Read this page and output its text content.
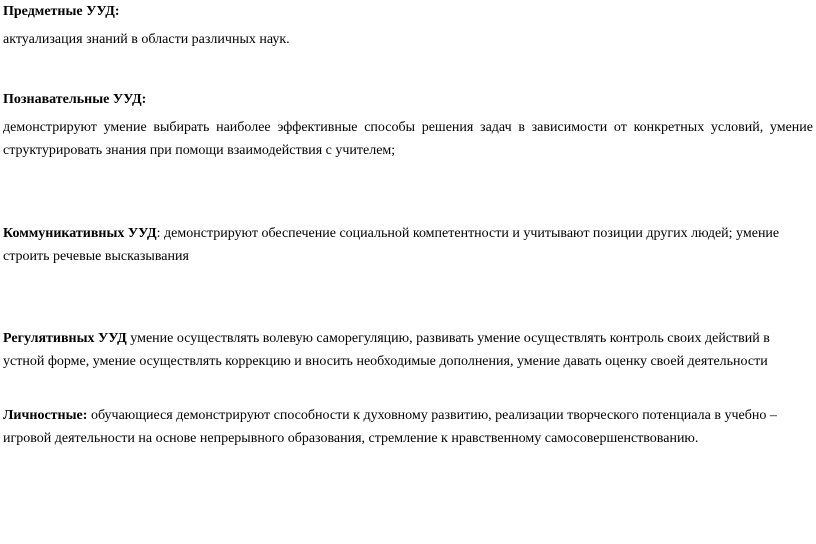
Предметные УУД:

актуализация знаний в области различных наук.

Познавательные УУД:

демонстрируют умение выбирать наиболее эффективные способы решения задач в зависимости от конкретных условий, умение структурировать знания при помощи взаимодействия с учителем;

Коммуникативных УУД: демонстрируют обеспечение социальной компетентности и учитывают позиции других людей; умение строить речевые высказывания

Регулятивных УУД умение осуществлять волевую саморегуляцию, развивать умение осуществлять контроль своих действий в устной форме, умение осуществлять коррекцию и вносить необходимые дополнения, умение давать оценку своей деятельности

Личностные: обучающиеся демонстрируют способности к духовному развитию, реализации творческого потенциала в учебно – игровой деятельности на основе непрерывного образования, стремление к нравственному самосовершенствованию.
